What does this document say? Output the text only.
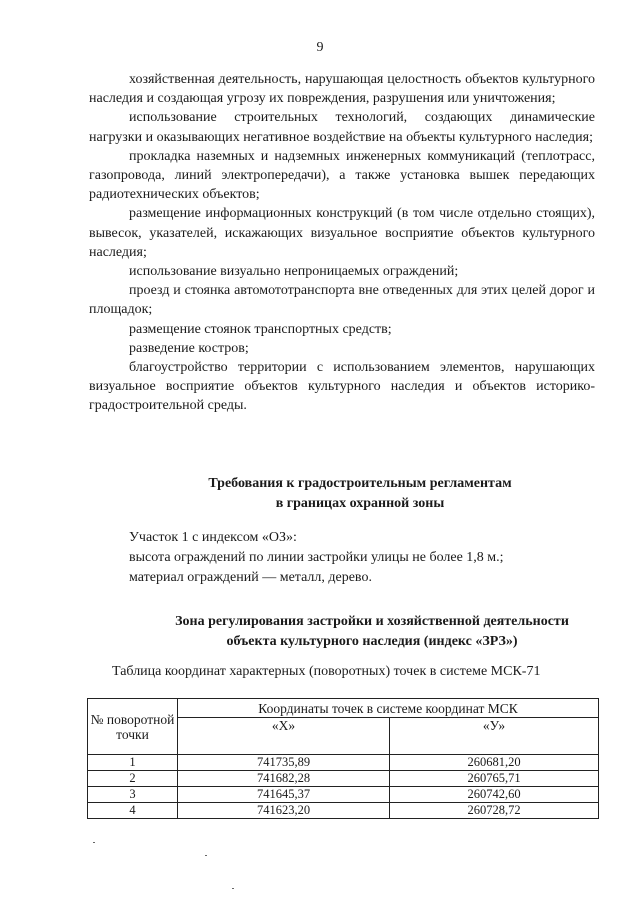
9

хозяйственная деятельность, нарушающая целостность объектов культурного наследия и создающая угрозу их повреждения, разрушения или уничтожения;

использование строительных технологий, создающих динамические нагрузки и оказывающих негативное воздействие на объекты культурного наследия;

прокладка наземных и надземных инженерных коммуникаций (теплотрасс, газопровода, линий электропередачи), а также установка вышек передающих радиотехнических объектов;

размещение информационных конструкций (в том числе отдельно стоящих), вывесок, указателей, искажающих визуальное восприятие объектов культурного наследия;

использование визуально непроницаемых ограждений;

проезд и стоянка автомототранспорта вне отведенных для этих целей дорог и площадок;

размещение стоянок транспортных средств;

разведение костров;

благоустройство территории с использованием элементов, нарушающих визуальное восприятие объектов культурного наследия и объектов историко-градостроительной среды.

Требования к градостроительным регламентам

в границах охранной зоны

Участок 1 с индексом «ОЗ»:

высота ограждений по линии застройки улицы не более 1,8 м.;

материал ограждений — металл, дерево.

Зона регулирования застройки и хозяйственной деятельности

объекта культурного наследия (индекс «ЗРЗ»)

Таблица координат характерных (поворотных) точек в системе МСК-71

№ поворотной точки	Координаты точек в системе координат МСК	
	«X»	«У»
1	741735,89	260681,20
2	741682,28	260765,71
3	741645,37	260742,60
4	741623,20	260728,72
